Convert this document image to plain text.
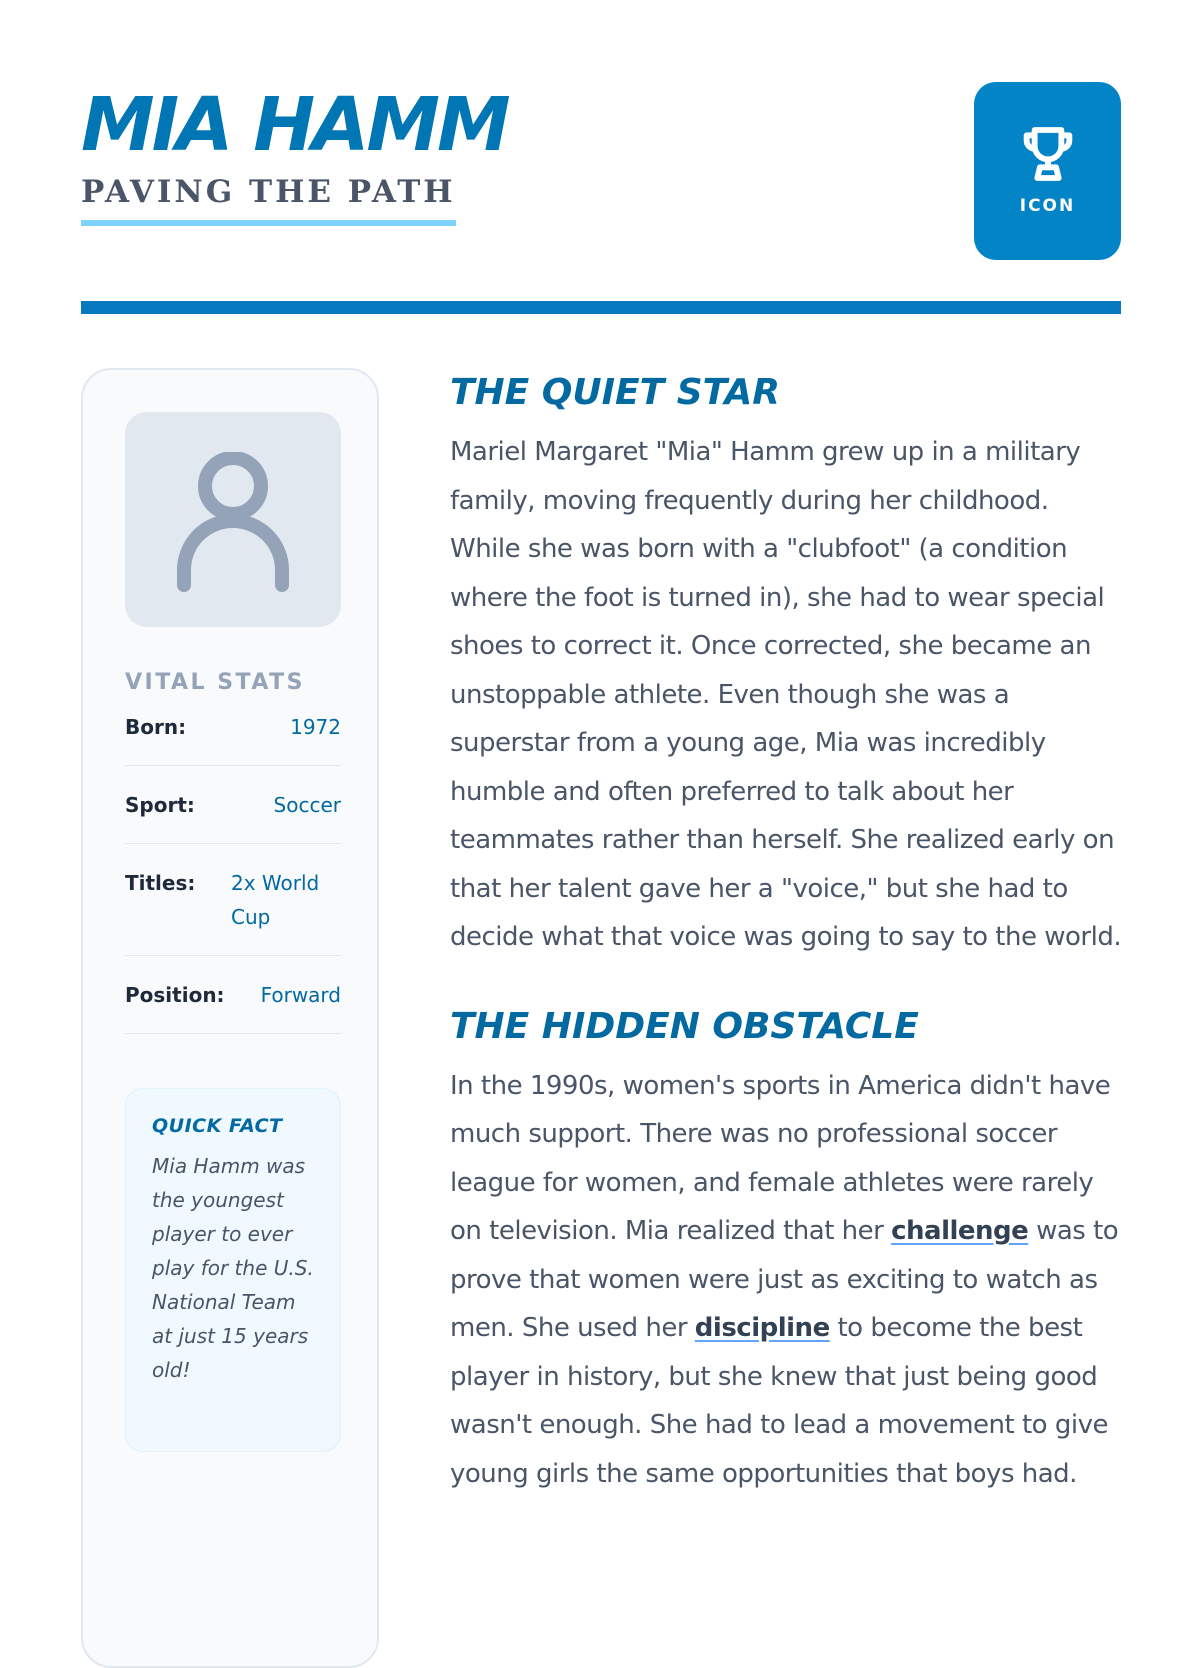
MIA HAMM
PAVING THE PATH	ICON
VITAL STATS
Born:	1972
Sport:	Soccer
Titles: 2x World Cup
Position: Forward
QUICK FACT
Mia Hamm was the youngest player to ever play for the U.S. National Team at just 15 years old!
THE QUIET STAR

Mariel Margaret "Mia" Hamm grew up in a military family, moving frequently during her childhood. While she was born with a "clubfoot" (a condition where the foot is turned in), she had to wear special shoes to correct it. Once corrected, she became an unstoppable athlete. Even though she was a superstar from a young age, Mia was incredibly humble and often preferred to talk about her teammates rather than herself. She realized early on that her talent gave her a "voice," but she had to decide what that voice was going to say to the world.

THE HIDDEN OBSTACLE

In the 1990s, women's sports in America didn't have much support. There was no professional soccer league for women, and female athletes were rarely on television. Mia realized that her challenge was to prove that women were just as exciting to watch as men. She used her discipline to become the best player in history, but she knew that just being good wasn't enough. She had to lead a movement to give young girls the same opportunities that boys had.
